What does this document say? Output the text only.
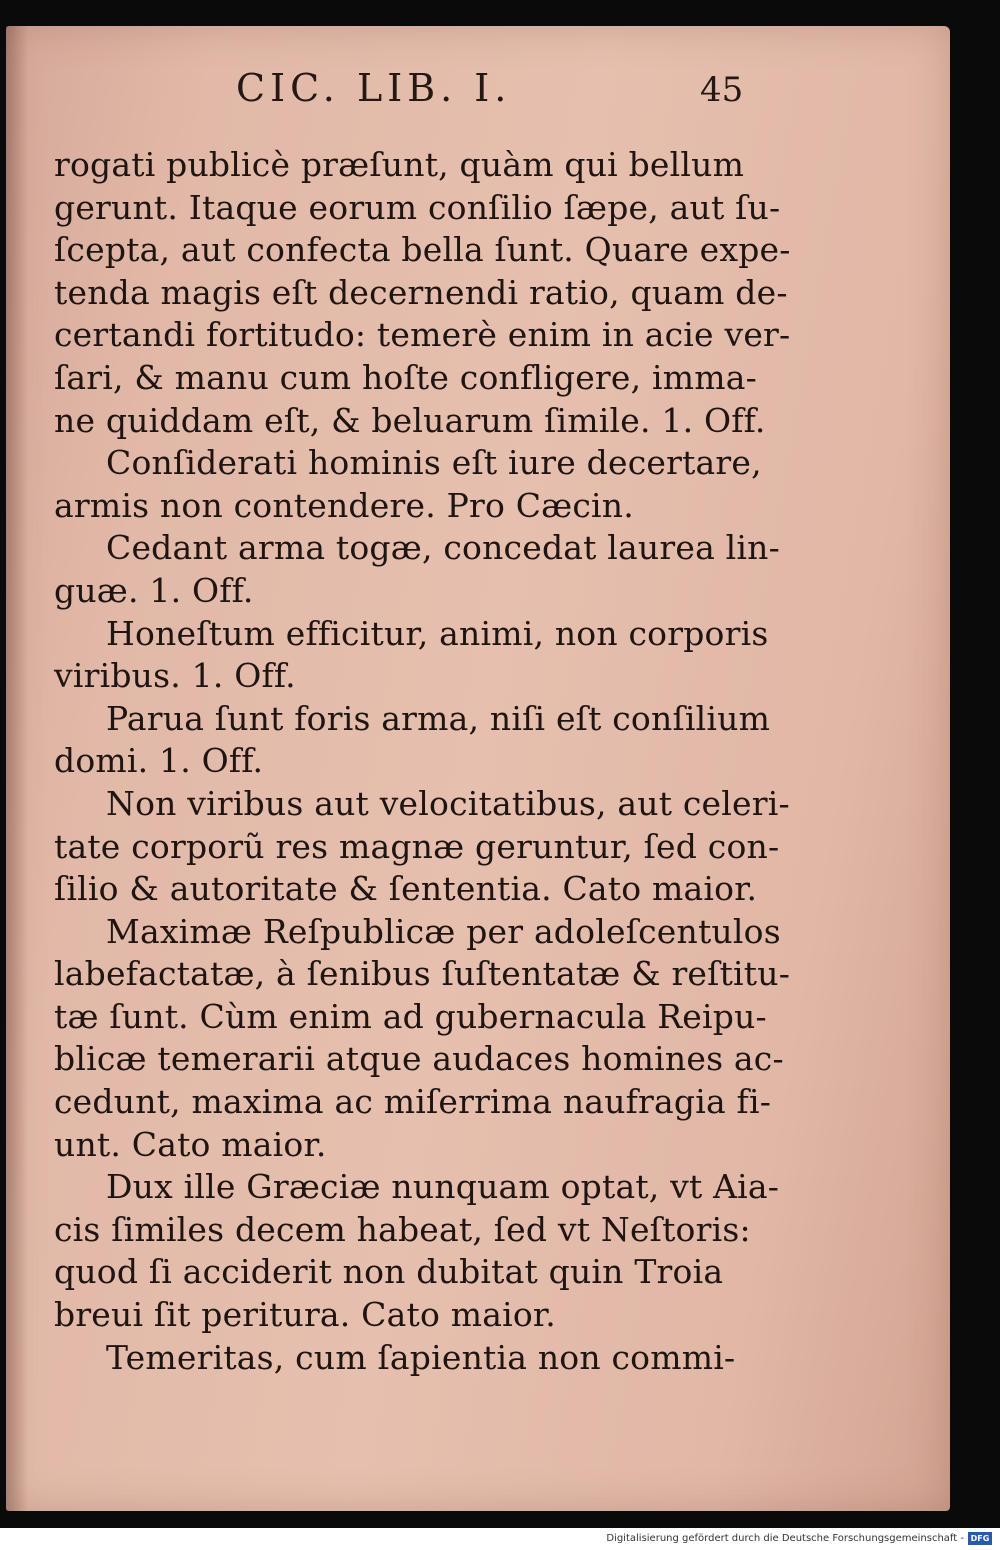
CIC. LIB. I.	45
rogati publicè præſunt, quàm qui bellum
gerunt. Itaque eorum conſilio ſæpe, aut ſu-
ſcepta, aut confecta bella ſunt. Quare expe-
tenda magis eſt decernendi ratio, quam de-
certandi fortitudo: temerè enim in acie ver-
ſari, & manu cum hoſte confligere, imma-
ne quiddam eſt, & beluarum ſimile. 1. Off.
Conſiderati hominis eſt iure decertare,
armis non contendere. Pro Cæcin.
Cedant arma togæ, concedat laurea lin-
guæ. 1. Off.
Honeſtum efficitur, animi, non corporis
viribus. 1. Off.
Parua ſunt foris arma, niſi eſt conſilium
domi. 1. Off.
Non viribus aut velocitatibus, aut celeri-
tate corporũ res magnæ geruntur, ſed con-
ſilio & autoritate & ſententia. Cato maior.
Maximæ Reſpublicæ per adoleſcentulos
labefactatæ, à ſenibus ſuſtentatæ & reſtitu-
tæ ſunt. Cùm enim ad gubernacula Reipu-
blicæ temerarii atque audaces homines ac-
cedunt, maxima ac miſerrima naufragia fi-
unt. Cato maior.
Dux ille Græciæ nunquam optat, vt Aia-
cis ſimiles decem habeat, ſed vt Neſtoris:
quod ſi acciderit non dubitat quin Troia
breui ſit peritura. Cato maior.
Temeritas, cum ſapientia non commi-
Digitalisierung gefördert durch die Deutsche Forschungsgemeinschaft - DFG
